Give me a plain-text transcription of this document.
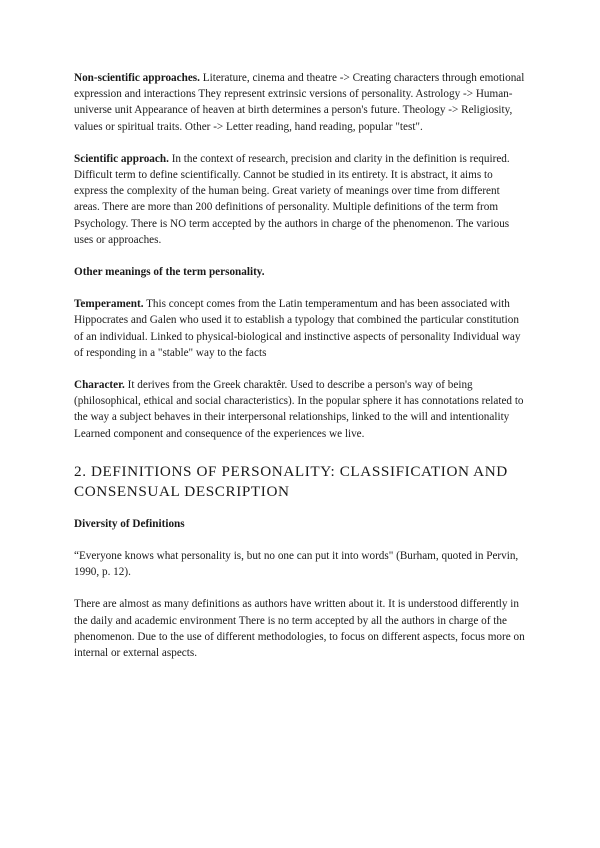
Non-scientific approaches. Literature, cinema and theatre -> Creating characters through emotional expression and interactions They represent extrinsic versions of personality. Astrology -> Human-universe unit Appearance of heaven at birth determines a person's future. Theology -> Religiosity, values or spiritual traits. Other -> Letter reading, hand reading, popular "test".

Scientific approach. In the context of research, precision and clarity in the definition is required. Difficult term to define scientifically. Cannot be studied in its entirety. It is abstract, it aims to express the complexity of the human being. Great variety of meanings over time from different areas. There are more than 200 definitions of personality. Multiple definitions of the term from Psychology. There is NO term accepted by the authors in charge of the phenomenon. The various uses or approaches.

Other meanings of the term personality.

Temperament. This concept comes from the Latin temperamentum and has been associated with Hippocrates and Galen who used it to establish a typology that combined the particular constitution of an individual. Linked to physical-biological and instinctive aspects of personality Individual way of responding in a "stable" way to the facts

Character. It derives from the Greek charaktêr. Used to describe a person's way of being (philosophical, ethical and social characteristics). In the popular sphere it has connotations related to the way a subject behaves in their interpersonal relationships, linked to the will and intentionality Learned component and consequence of the experiences we live.

2. DEFINITIONS OF PERSONALITY: CLASSIFICATION AND CONSENSUAL DESCRIPTION

Diversity of Definitions

“Everyone knows what personality is, but no one can put it into words" (Burham, quoted in Pervin, 1990, p. 12).

There are almost as many definitions as authors have written about it. It is understood differently in the daily and academic environment There is no term accepted by all the authors in charge of the phenomenon. Due to the use of different methodologies, to focus on different aspects, focus more on internal or external aspects.
